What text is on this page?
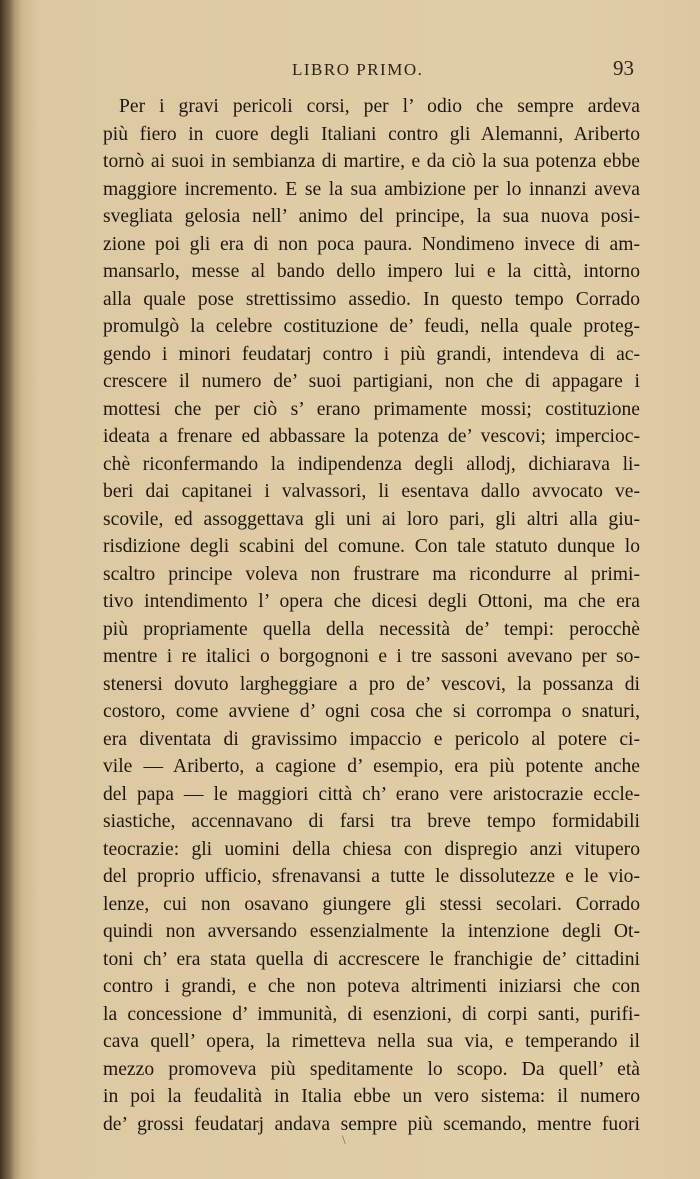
LIBRO PRIMO.	93
Per i gravi pericoli corsi, per l’ odio che sempre ardeva
più fiero in cuore degli Italiani contro gli Alemanni, Ariberto
tornò ai suoi in sembianza di martire, e da ciò la sua potenza ebbe
maggiore incremento. E se la sua ambizione per lo innanzi aveva
svegliata gelosia nell’ animo del principe, la sua nuova posi-
zione poi gli era di non poca paura. Nondimeno invece di am-
mansarlo, messe al bando dello impero lui e la città, intorno
alla quale pose strettissimo assedio. In questo tempo Corrado
promulgò la celebre costituzione de’ feudi, nella quale proteg-
gendo i minori feudatarj contro i più grandi, intendeva di ac-
crescere il numero de’ suoi partigiani, non che di appagare i
mottesi che per ciò s’ erano primamente mossi; costituzione
ideata a frenare ed abbassare la potenza de’ vescovi; impercioc-
chè riconfermando la indipendenza degli allodj, dichiarava li-
beri dai capitanei i valvassori, li esentava dallo avvocato ve-
scovile, ed assoggettava gli uni ai loro pari, gli altri alla giu-
risdizione degli scabini del comune. Con tale statuto dunque lo
scaltro principe voleva non frustrare ma ricondurre al primi-
tivo intendimento l’ opera che dicesi degli Ottoni, ma che era
più propriamente quella della necessità de’ tempi: perocchè
mentre i re italici o borgognoni e i tre sassoni avevano per so-
stenersi dovuto largheggiare a pro de’ vescovi, la possanza di
costoro, come avviene d’ ogni cosa che si corrompa o snaturi,
era diventata di gravissimo impaccio e pericolo al potere ci-
vile — Ariberto, a cagione d’ esempio, era più potente anche
del papa — le maggiori città ch’ erano vere aristocrazie eccle-
siastiche, accennavano di farsi tra breve tempo formidabili
teocrazie: gli uomini della chiesa con dispregio anzi vitupero
del proprio ufficio, sfrenavansi a tutte le dissolutezze e le vio-
lenze, cui non osavano giungere gli stessi secolari. Corrado
quindi non avversando essenzialmente la intenzione degli Ot-
toni ch’ era stata quella di accrescere le franchigie de’ cittadini
contro i grandi, e che non poteva altrimenti iniziarsi che con
la concessione d’ immunità, di esenzioni, di corpi santi, purifi-
cava quell’ opera, la rimetteva nella sua via, e temperando il
mezzo promoveva più speditamente lo scopo. Da quell’ età
in poi la feudalità in Italia ebbe un vero sistema: il numero
de’ grossi feudatarj andava sempre più scemando, mentre fuori
\
